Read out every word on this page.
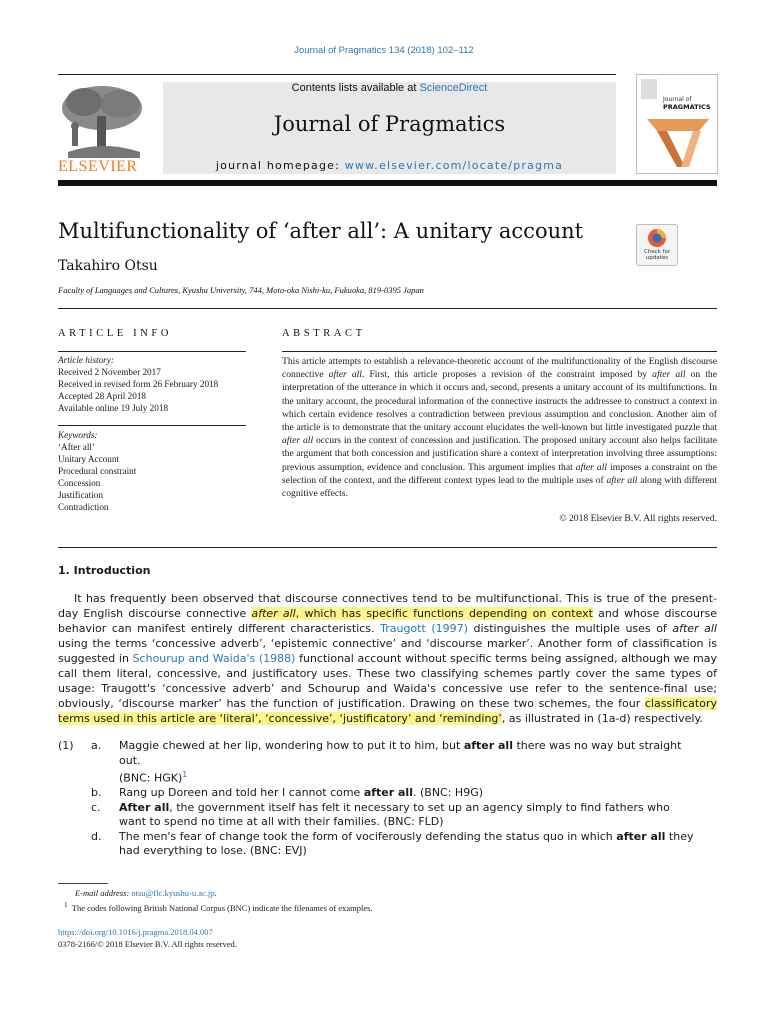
Journal of Pragmatics 134 (2018) 102–112
ELSEVIER
Contents lists available at ScienceDirect
Journal of Pragmatics
journal homepage: www.elsevier.com/locate/pragma
Journal of
PRAGMATICS
Multifunctionality of ‘after all’: A unitary account
Takahiro Otsu
Faculty of Languages and Cultures, Kyushu University, 744, Moto-oka Nishi-ku, Fukuoka, 819-0395 Japan
Check for updates
ARTICLE INFO
Article history:
Received 2 November 2017
Received in revised form 26 February 2018
Accepted 28 April 2018
Available online 19 July 2018
Keywords:
‘After all’
Unitary Account
Procedural constraint
Concession
Justification
Contradiction
ABSTRACT
This article attempts to establish a relevance-theoretic account of the multifunctionality of the English discourse connective after all. First, this article proposes a revision of the constraint imposed by after all on the interpretation of the utterance in which it occurs and, second, presents a unitary account of its multifunctions. In the unitary account, the procedural information of the connective instructs the addressee to construct a context in which certain evidence resolves a contradiction between previous assumption and conclusion. Another aim of the article is to demonstrate that the unitary account elucidates the well-known but little investigated puzzle that after all occurs in the context of concession and justification. The proposed unitary account also helps facilitate the argument that both concession and justification share a context of interpretation involving three assumptions: previous assumption, evidence and conclusion. This argument implies that after all imposes a constraint on the selection of the context, and the different context types lead to the multiple uses of after all along with different cognitive effects.
© 2018 Elsevier B.V. All rights reserved.
1. Introduction
It has frequently been observed that discourse connectives tend to be multifunctional. This is true of the present-day English discourse connective after all, which has specific functions depending on context and whose discourse behavior can manifest entirely different characteristics. Traugott (1997) distinguishes the multiple uses of after all using the terms ‘concessive adverb’, ‘epistemic connective’ and ‘discourse marker’. Another form of classification is suggested in Schourup and Waida's (1988) functional account without specific terms being assigned, although we may call them literal, concessive, and justificatory uses. These two classifying schemes partly cover the same types of usage: Traugott's ‘concessive adverb’ and Schourup and Waida's concessive use refer to the sentence-final use; obviously, ‘discourse marker’ has the function of justification. Drawing on these two schemes, the four classificatory terms used in this article are ‘literal’, ‘concessive’, ‘justificatory’ and ‘reminding’, as illustrated in (1a-d) respectively.
(1) a. Maggie chewed at her lip, wondering how to put it to him, but after all there was no way but straight out.
(BNC: HGK)$^1$
b. Rang up Doreen and told her I cannot come after all. (BNC: H9G)
c. After all, the government itself has felt it necessary to set up an agency simply to find fathers who want to spend no time at all with their families. (BNC: FLD)
d. The men's fear of change took the form of vociferously defending the status quo in which after all they
had everything to lose. (BNC: EVJ)
E-mail address: otsu@flc.kyushu-u.ac.jp.
$^1$ The codes following British National Corpus (BNC) indicate the filenames of examples.
https://doi.org/10.1016/j.pragma.2018.04.007
0378-2166/© 2018 Elsevier B.V. All rights reserved.
